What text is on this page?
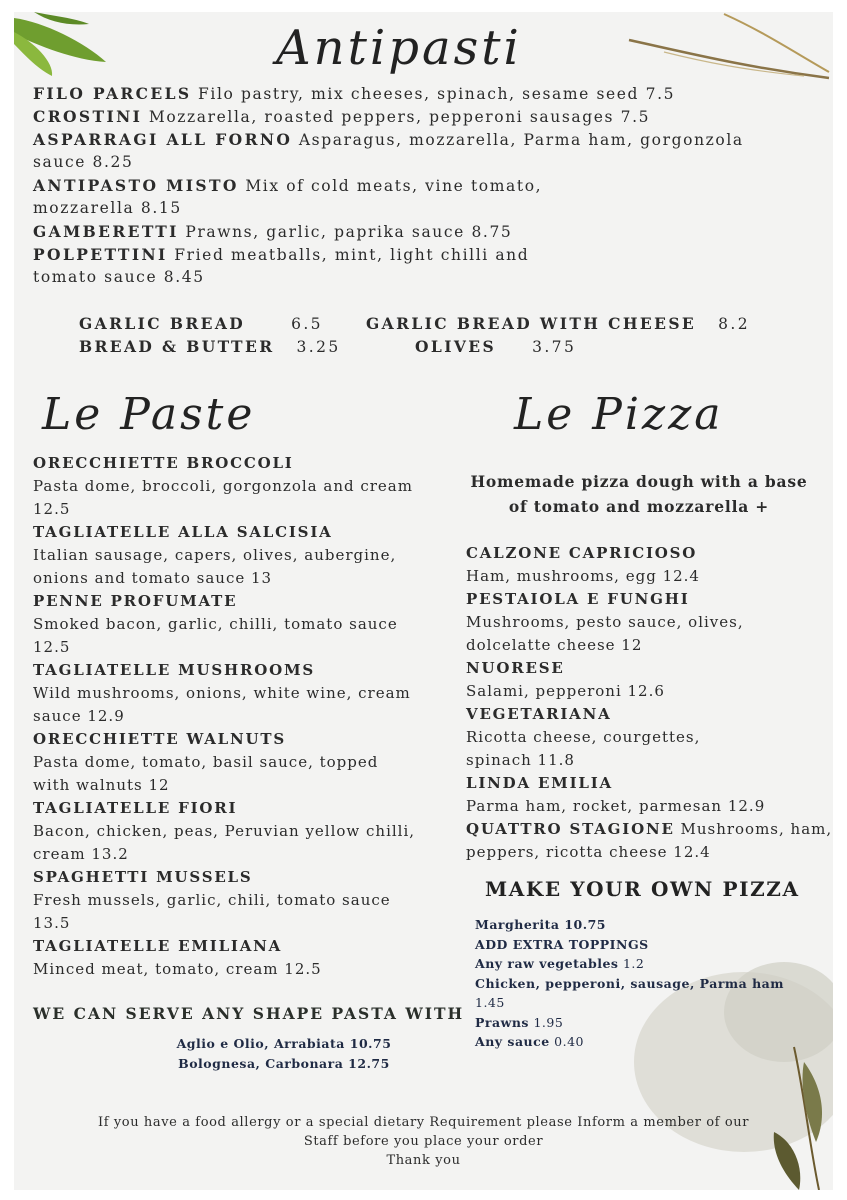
Antipasti
FILO PARCELS Filo pastry, mix cheeses, spinach, sesame seed 7.5
CROSTINI Mozzarella, roasted peppers, pepperoni sausages 7.5
ASPARRAGI ALL FORNO Asparagus, mozzarella, Parma ham, gorgonzola
sauce 8.25
ANTIPASTO MISTO Mix of cold meats, vine tomato,
mozzarella 8.15
GAMBERETTI Prawns, garlic, paprika sauce 8.75
POLPETTINI Fried meatballs, mint, light chilli and
tomato sauce 8.45
GARLIC BREAD	6.5	GARLIC BREAD WITH CHEESE 8.2
BREAD & BUTTER 3.25	OLIVES 3.75
Le Paste
ORECCHIETTE BROCCOLI
Pasta dome, broccoli, gorgonzola and cream
12.5
TAGLIATELLE ALLA SALCISIA
Italian sausage, capers, olives, aubergine,
onions and tomato sauce 13
PENNE PROFUMATE
Smoked bacon, garlic, chilli, tomato sauce
12.5
TAGLIATELLE MUSHROOMS
Wild mushrooms, onions, white wine, cream
sauce 12.9
ORECCHIETTE WALNUTS
Pasta dome, tomato, basil sauce, topped
with walnuts 12
TAGLIATELLE FIORI
Bacon, chicken, peas, Peruvian yellow chilli,
cream 13.2
SPAGHETTI MUSSELS
Fresh mussels, garlic, chili, tomato sauce
13.5
TAGLIATELLE EMILIANA
Minced meat, tomato, cream 12.5
WE CAN SERVE ANY SHAPE PASTA WITH
Aglio e Olio, Arrabiata 10.75
Bolognesa, Carbonara 12.75
Le Pizza
Homemade pizza dough with a base
of tomato and mozzarella +
CALZONE CAPRICIOSO
Ham, mushrooms, egg 12.4
PESTAIOLA E FUNGHI
Mushrooms, pesto sauce, olives,
dolcelatte cheese 12
NUORESE
Salami, pepperoni 12.6
VEGETARIANA
Ricotta cheese, courgettes,
spinach 11.8
LINDA EMILIA
Parma ham, rocket, parmesan 12.9
QUATTRO STAGIONE Mushrooms, ham,
peppers, ricotta cheese 12.4
MAKE YOUR OWN PIZZA
Margherita 10.75
ADD EXTRA TOPPINGS
Any raw vegetables 1.2
Chicken, pepperoni, sausage, Parma ham
1.45
Prawns 1.95
Any sauce 0.40
If you have a food allergy or a special dietary Requirement please Inform a member of our
Staff before you place your order
Thank you
